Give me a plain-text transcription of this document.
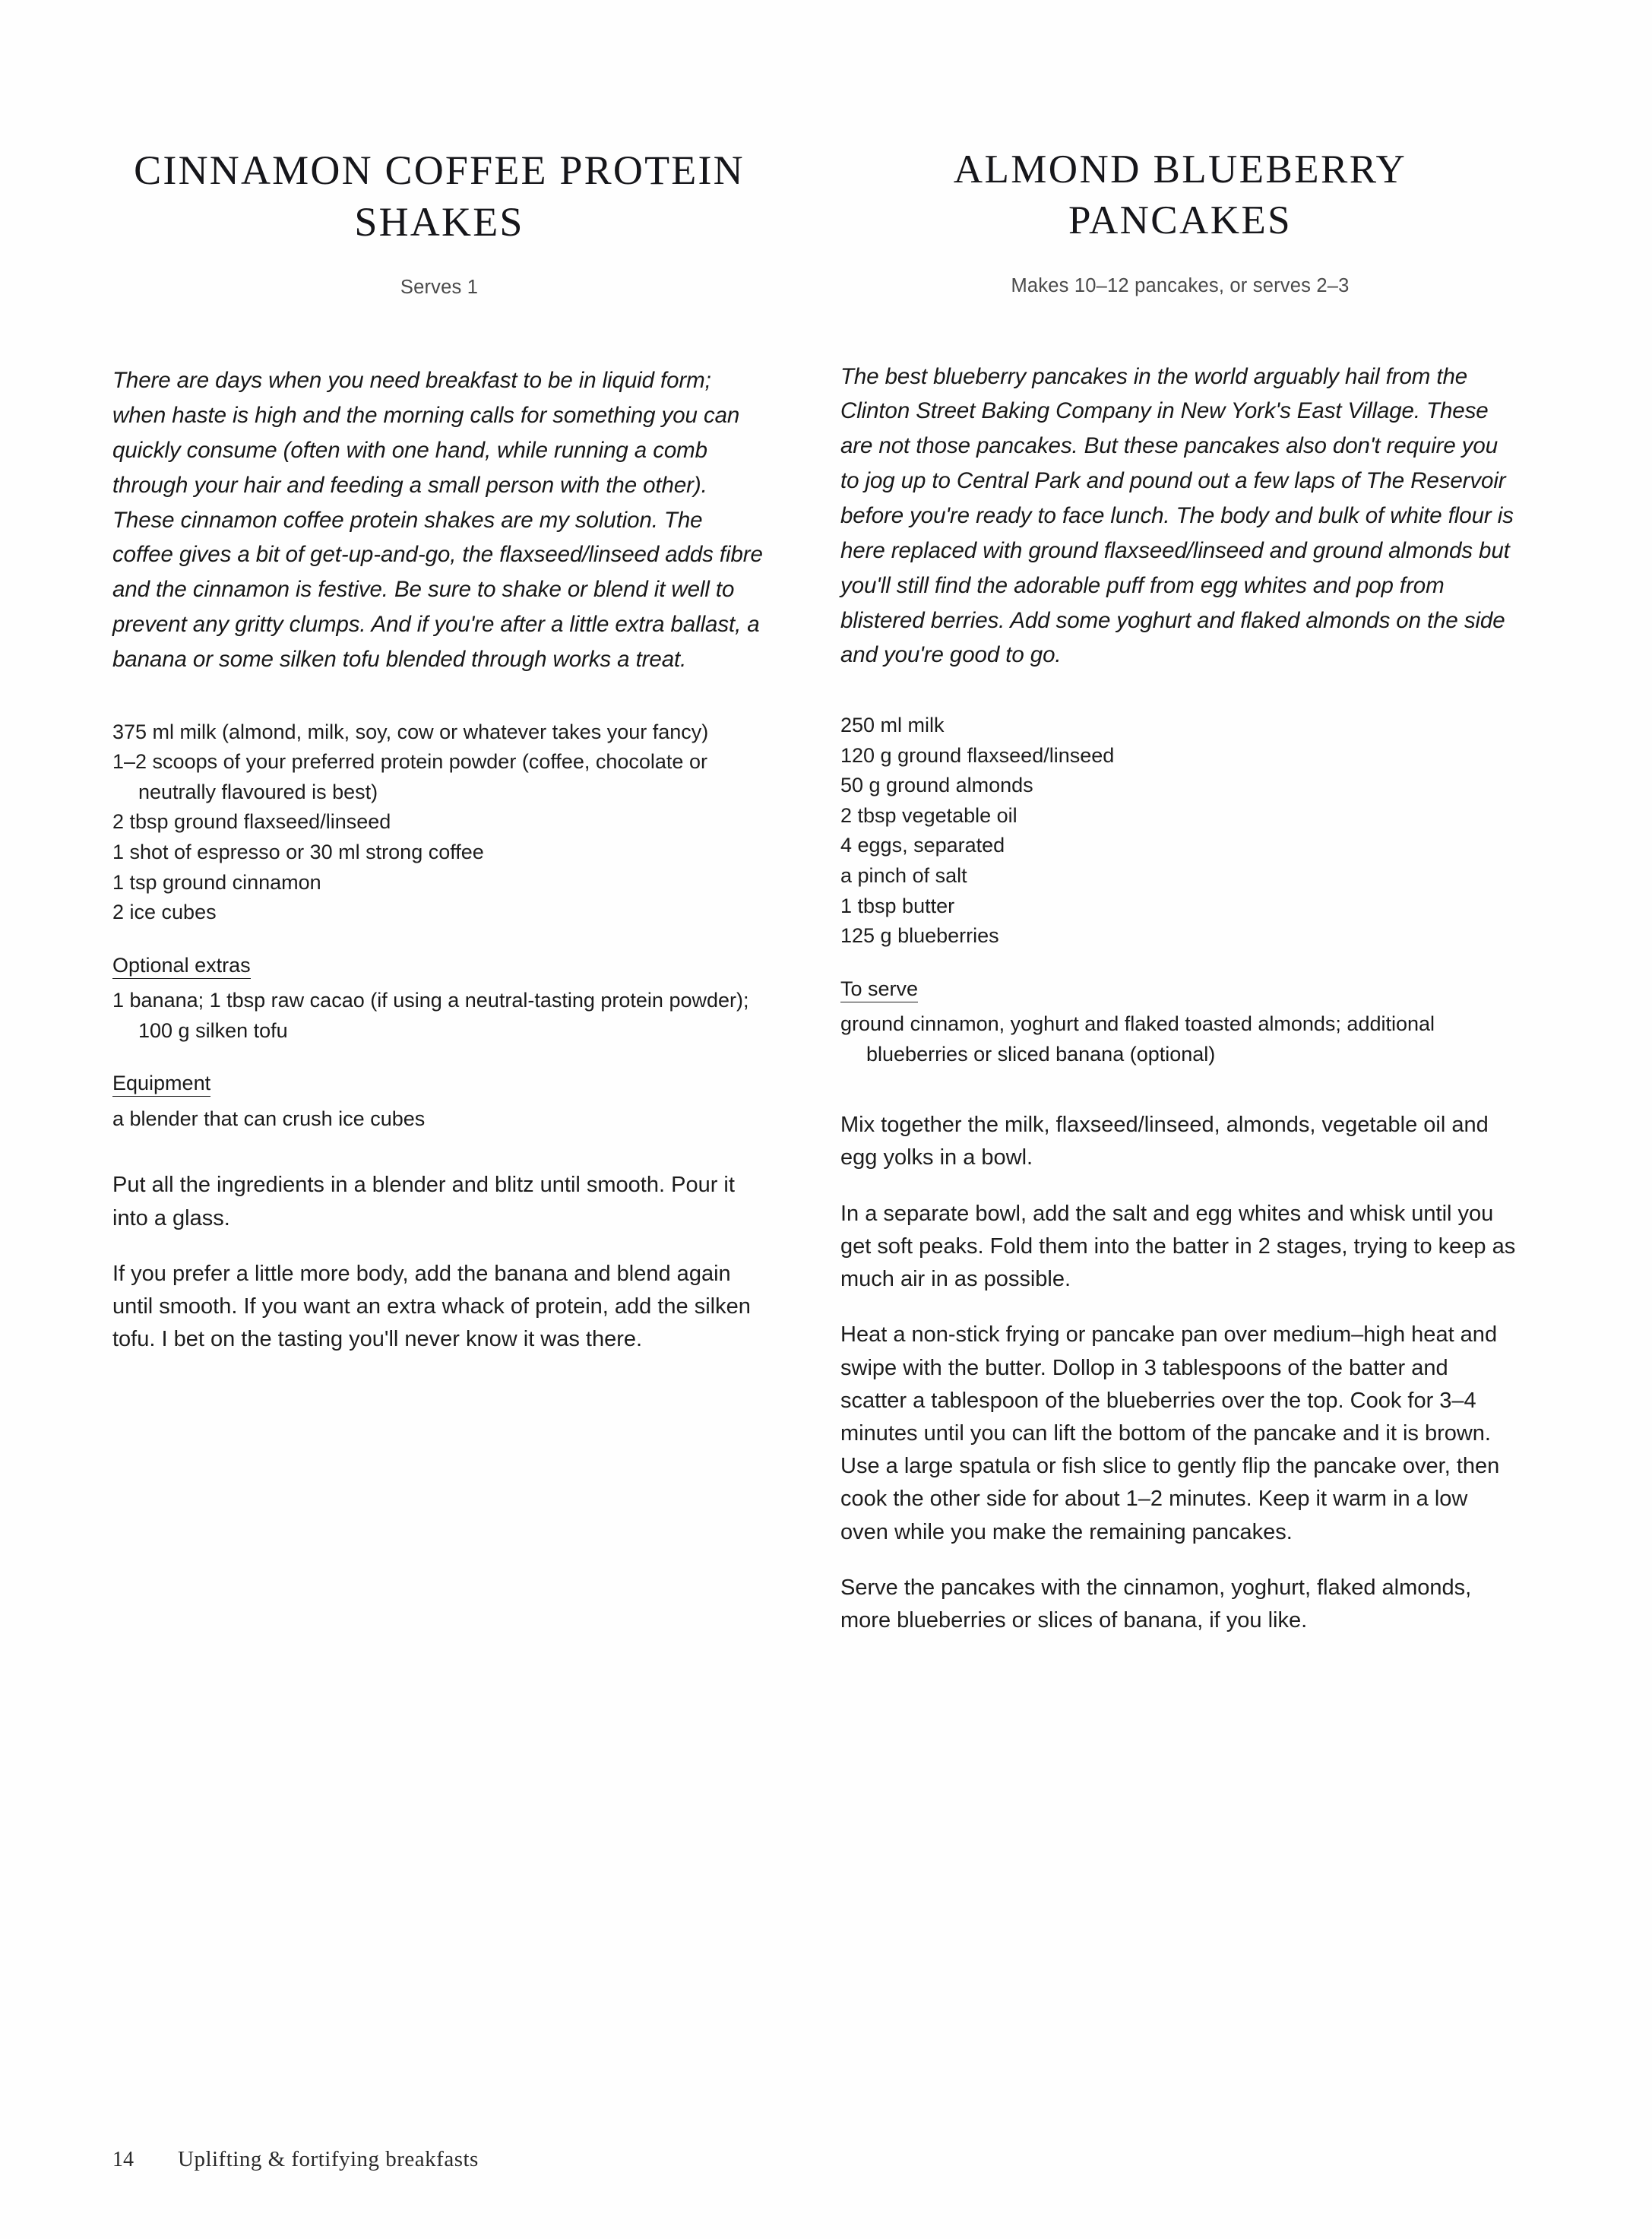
CINNAMON COFFEE PROTEIN SHAKES

Serves 1

There are days when you need breakfast to be in liquid form; when haste is high and the morning calls for something you can quickly consume (often with one hand, while running a comb through your hair and feeding a small person with the other). These cinnamon coffee protein shakes are my solution. The coffee gives a bit of get-up-and-go, the flaxseed/linseed adds fibre and the cinnamon is festive. Be sure to shake or blend it well to prevent any gritty clumps. And if you're after a little extra ballast, a banana or some silken tofu blended through works a treat.

375 ml milk (almond, milk, soy, cow or whatever takes your fancy)
1–2 scoops of your preferred protein powder (coffee, chocolate or neutrally flavoured is best)
2 tbsp ground flaxseed/linseed
1 shot of espresso or 30 ml strong coffee
1 tsp ground cinnamon
2 ice cubes
Optional extras
1 banana; 1 tbsp raw cacao (if using a neutral-tasting protein powder); 100 g silken tofu
Equipment
a blender that can crush ice cubes

Put all the ingredients in a blender and blitz until smooth. Pour it into a glass.

If you prefer a little more body, add the banana and blend again until smooth. If you want an extra whack of protein, add the silken tofu. I bet on the tasting you'll never know it was there.

ALMOND BLUEBERRY PANCAKES

Makes 10–12 pancakes, or serves 2–3

The best blueberry pancakes in the world arguably hail from the Clinton Street Baking Company in New York's East Village. These are not those pancakes. But these pancakes also don't require you to jog up to Central Park and pound out a few laps of The Reservoir before you're ready to face lunch. The body and bulk of white flour is here replaced with ground flaxseed/linseed and ground almonds but you'll still find the adorable puff from egg whites and pop from blistered berries. Add some yoghurt and flaked almonds on the side and you're good to go.

250 ml milk
120 g ground flaxseed/linseed
50 g ground almonds
2 tbsp vegetable oil
4 eggs, separated
a pinch of salt
1 tbsp butter
125 g blueberries
To serve
ground cinnamon, yoghurt and flaked toasted almonds; additional blueberries or sliced banana (optional)

Mix together the milk, flaxseed/linseed, almonds, vegetable oil and egg yolks in a bowl.

In a separate bowl, add the salt and egg whites and whisk until you get soft peaks. Fold them into the batter in 2 stages, trying to keep as much air in as possible.

Heat a non-stick frying or pancake pan over medium–high heat and swipe with the butter. Dollop in 3 tablespoons of the batter and scatter a tablespoon of the blueberries over the top. Cook for 3–4 minutes until you can lift the bottom of the pancake and it is brown. Use a large spatula or fish slice to gently flip the pancake over, then cook the other side for about 1–2 minutes. Keep it warm in a low oven while you make the remaining pancakes.

Serve the pancakes with the cinnamon, yoghurt, flaked almonds, more blueberries or slices of banana, if you like.

14	Uplifting & fortifying breakfasts
